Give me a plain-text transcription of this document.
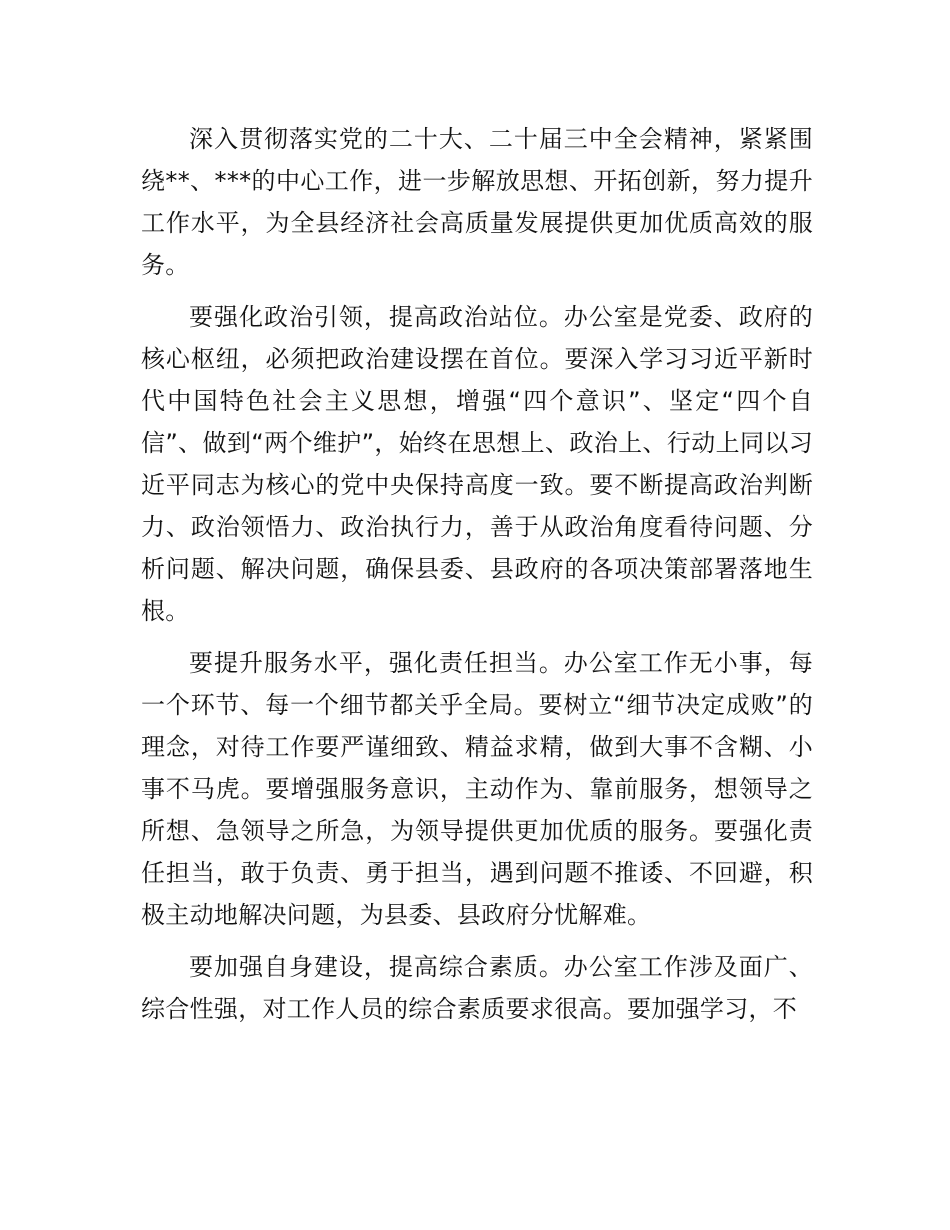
深入贯彻落实党的二十大、二十届三中全会精神，紧紧围绕**、***的中心工作，进一步解放思想、开拓创新，努力提升工作水平，为全县经济社会高质量发展提供更加优质高效的服务。

要强化政治引领，提高政治站位。办公室是党委、政府的核心枢纽，必须把政治建设摆在首位。要深入学习习近平新时代中国特色社会主义思想，增强“四个意识”、坚定“四个自信”、做到“两个维护”，始终在思想上、政治上、行动上同以习近平同志为核心的党中央保持高度一致。要不断提高政治判断力、政治领悟力、政治执行力，善于从政治角度看待问题、分析问题、解决问题，确保县委、县政府的各项决策部署落地生根。

要提升服务水平，强化责任担当。办公室工作无小事，每一个环节、每一个细节都关乎全局。要树立“细节决定成败”的理念，对待工作要严谨细致、精益求精，做到大事不含糊、小事不马虎。要增强服务意识，主动作为、靠前服务，想领导之所想、急领导之所急，为领导提供更加优质的服务。要强化责任担当，敢于负责、勇于担当，遇到问题不推诿、不回避，积极主动地解决问题，为县委、县政府分忧解难。

要加强自身建设，提高综合素质。办公室工作涉及面广、综合性强，对工作人员的综合素质要求很高。要加强学习，不
